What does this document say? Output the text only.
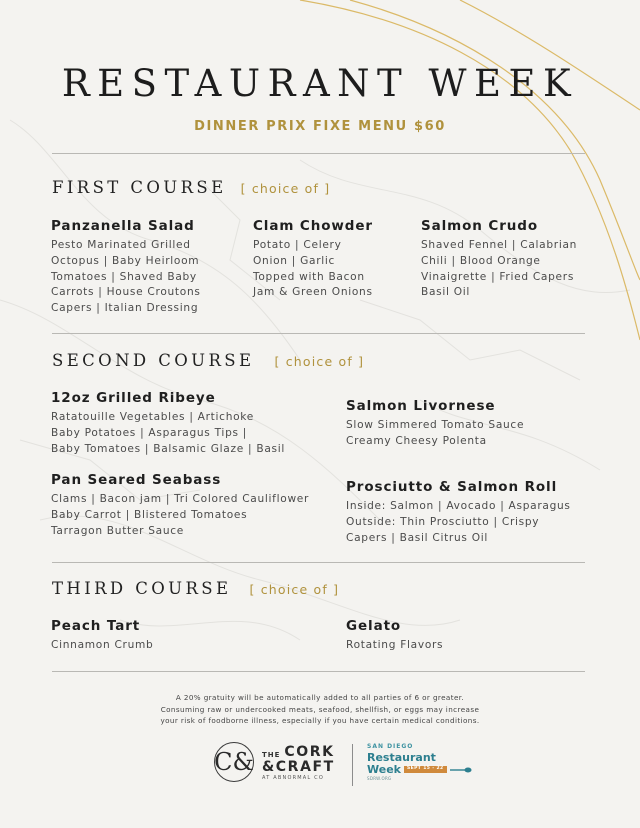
RESTAURANT WEEK
DINNER PRIX FIXE MENU $60
FIRST COURSE [ choice of ]
Panzanella Salad
Pesto Marinated Grilled
Octopus | Baby Heirloom
Tomatoes | Shaved Baby
Carrots | House Croutons
Capers | Italian Dressing
Clam Chowder
Potato | Celery
Onion | Garlic
Topped with Bacon
Jam & Green Onions
Salmon Crudo
Shaved Fennel | Calabrian
Chili | Blood Orange
Vinaigrette | Fried Capers
Basil Oil
SECOND COURSE [ choice of ]
12oz Grilled Ribeye
Ratatouille Vegetables | Artichoke
Baby Potatoes | Asparagus Tips |
Baby Tomatoes | Balsamic Glaze | Basil
Salmon Livornese
Slow Simmered Tomato Sauce
Creamy Cheesy Polenta
Pan Seared Seabass
Clams | Bacon jam | Tri Colored Cauliflower
Baby Carrot | Blistered Tomatoes
Tarragon Butter Sauce
Prosciutto & Salmon Roll
Inside: Salmon | Avocado | Asparagus
Outside: Thin Prosciutto | Crispy
Capers | Basil Citrus Oil
THIRD COURSE [ choice of ]
Peach Tart
Cinnamon Crumb
Gelato
Rotating Flavors
A 20% gratuity will be automatically added to all parties of 6 or greater.
Consuming raw or undercooked meats, seafood, shellfish, or eggs may increase
your risk of foodborne illness, especially if you have certain medical conditions.
C& THE CORK
&CRAFT
AT ABNORMAL CO
SAN DIEGO
Restaurant
Week	SEPT 15 - 22
SDRW.ORG
